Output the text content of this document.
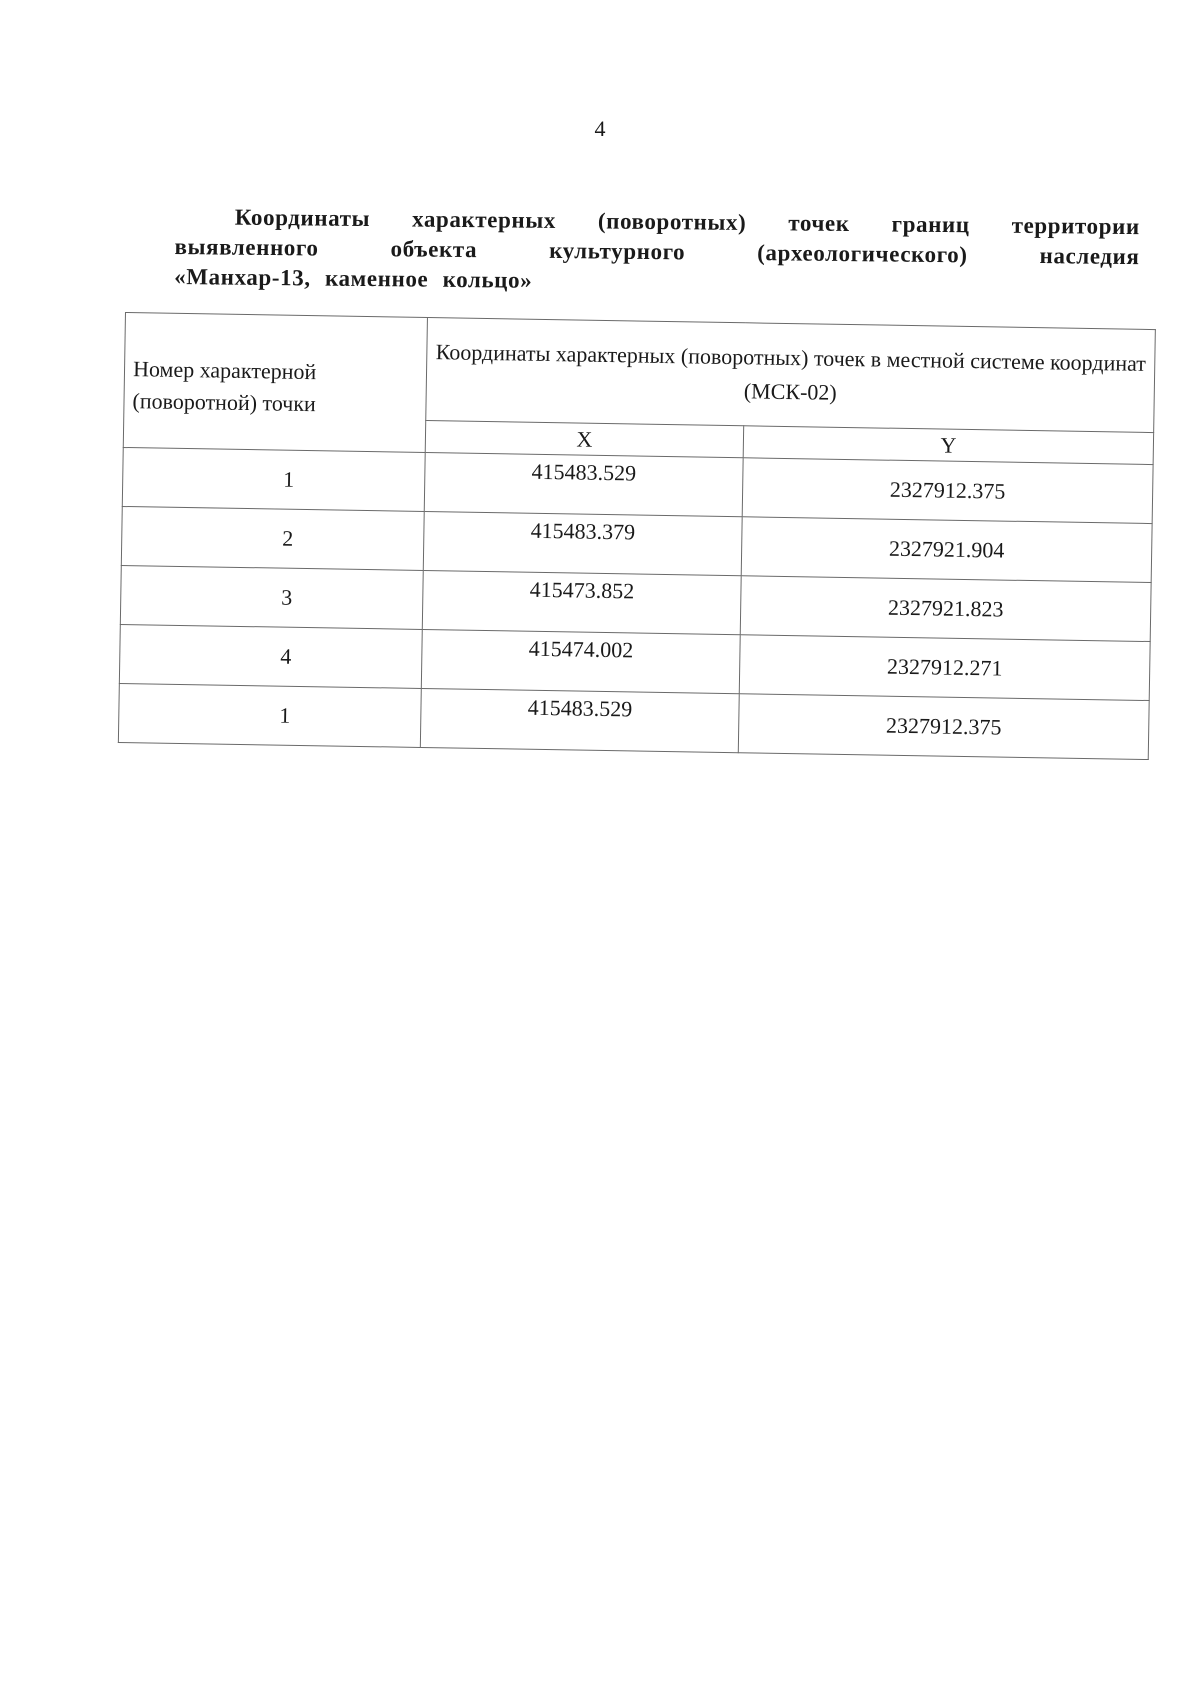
4
Координаты характерных (поворотных) точек границ территории
выявленного объекта культурного (археологического) наследия
«Манхар-13, каменное кольцо»
Номер характерной (поворотной) точки	Координаты характерных (поворотных) точек в местной системе координат (МСК-02)	
	X	Y
1	415483.529	2327912.375
2	415483.379	2327921.904
3	415473.852	2327921.823
4	415474.002	2327912.271
1	415483.529	2327912.375
